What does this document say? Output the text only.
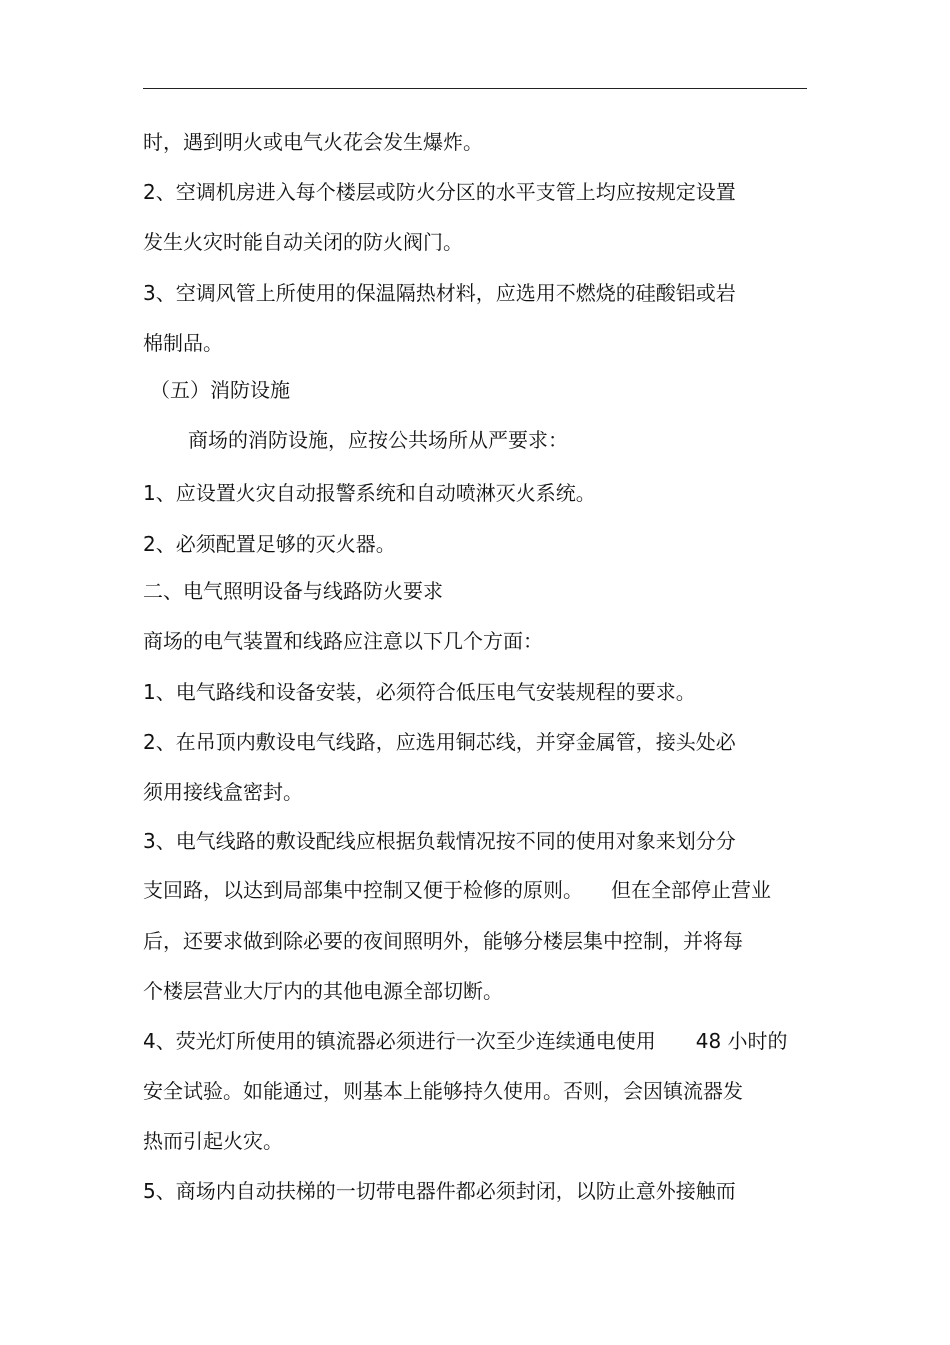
时，遇到明火或电气火花会发生爆炸。
2、空调机房进入每个楼层或防火分区的水平支管上均应按规定设置
发生火灾时能自动关闭的防火阀门。
3、空调风管上所使用的保温隔热材料，应选用不燃烧的硅酸铝或岩
棉制品。
（五）消防设施
商场的消防设施，应按公共场所从严要求：
1、应设置火灾自动报警系统和自动喷淋灭火系统。
2、必须配置足够的灭火器。
二、电气照明设备与线路防火要求
商场的电气装置和线路应注意以下几个方面：
1、电气路线和设备安装，必须符合低压电气安装规程的要求。
2、在吊顶内敷设电气线路，应选用铜芯线，并穿金属管，接头处必
须用接线盒密封。
3、电气线路的敷设配线应根据负载情况按不同的使用对象来划分分
支回路，以达到局部集中控制又便于检修的原则。 但在全部停止营业
后，还要求做到除必要的夜间照明外，能够分楼层集中控制，并将每
个楼层营业大厅内的其他电源全部切断。
4、荧光灯所使用的镇流器必须进行一次至少连续通电使用 48 小时的
安全试验。如能通过，则基本上能够持久使用。否则，会因镇流器发
热而引起火灾。
5、商场内自动扶梯的一切带电器件都必须封闭，以防止意外接触而
